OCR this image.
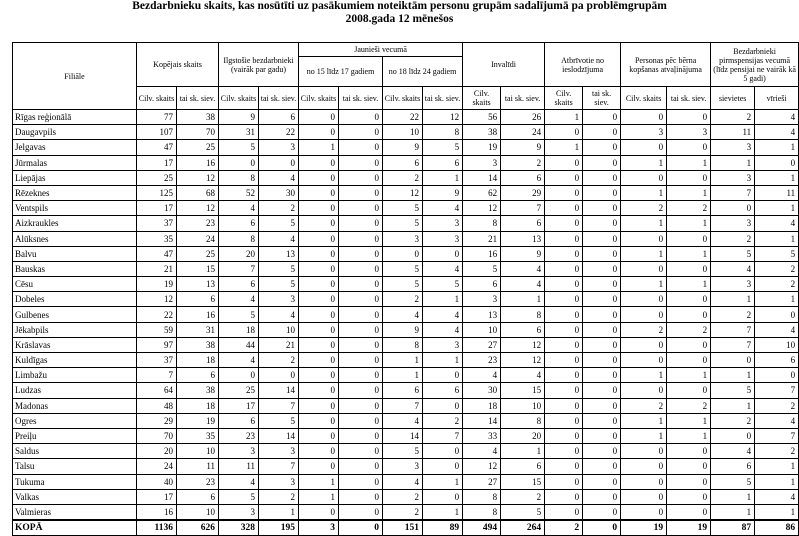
Bezdarbnieku skaits, kas nosūtīti uz pasākumiem noteiktām personu grupām sadalījumā pa problēmgrupām
2008.gada 12 mēnešos
Filiāle	Kopējais skaits		Ilgstošie bezdarbnieki (vairāk par gadu)		Jaunieši vecumā				Invalīdi		Atbrīvotie no ieslodzījuma		Personas pēc bērna kopšanas atvaļinājuma		Bezdarbnieki pirmspensijas vecumā (līdz pensijai ne vairāk kā 5 gadi)	
					no 15 līdz 17 gadiem		no 18 līdz 24 gadiem									
	Cilv. skaits	tai sk. siev.	Cilv. skaits	tai sk. siev.	Cilv. skaits	tai sk. siev.	Cilv. skaits	tai sk. siev.	Cilv. skaits	tai sk. siev.	Cilv. skaits	tai sk. siev.	Cilv. skaits	tai sk. siev.	sievietes	vīrieši
Rīgas reģionālā	77	38	9	6	0	0	22	12	56	26	1	0	0	0	2	4
Daugavpils	107	70	31	22	0	0	10	8	38	24	0	0	3	3	11	4
Jelgavas	47	25	5	3	1	0	9	5	19	9	1	0	0	0	3	1
Jūrmalas	17	16	0	0	0	0	6	6	3	2	0	0	1	1	1	0
Liepājas	25	12	8	4	0	0	2	1	14	6	0	0	0	0	3	1
Rēzeknes	125	68	52	30	0	0	12	9	62	29	0	0	1	1	7	11
Ventspils	17	12	4	2	0	0	5	4	12	7	0	0	2	2	0	1
Aizkraukles	37	23	6	5	0	0	5	3	8	6	0	0	1	1	3	4
Alūksnes	35	24	8	4	0	0	3	3	21	13	0	0	0	0	2	1
Balvu	47	25	20	13	0	0	0	0	16	9	0	0	1	1	5	5
Bauskas	21	15	7	5	0	0	5	4	5	4	0	0	0	0	4	2
Cēsu	19	13	6	5	0	0	5	5	6	4	0	0	1	1	3	2
Dobeles	12	6	4	3	0	0	2	1	3	1	0	0	0	0	1	1
Gulbenes	22	16	5	4	0	0	4	4	13	8	0	0	0	0	2	0
Jēkabpils	59	31	18	10	0	0	9	4	10	6	0	0	2	2	7	4
Krāslavas	97	38	44	21	0	0	8	3	27	12	0	0	0	0	7	10
Kuldīgas	37	18	4	2	0	0	1	1	23	12	0	0	0	0	0	6
Limbažu	7	6	0	0	0	0	1	0	4	4	0	0	1	1	1	0
Ludzas	64	38	25	14	0	0	6	6	30	15	0	0	0	0	5	7
Madonas	48	18	17	7	0	0	7	0	18	10	0	0	2	2	1	2
Ogres	29	19	6	5	0	0	4	2	14	8	0	0	1	1	2	4
Preiļu	70	35	23	14	0	0	14	7	33	20	0	0	1	1	0	7
Saldus	20	10	3	3	0	0	5	0	4	1	0	0	0	0	4	2
Talsu	24	11	11	7	0	0	3	0	12	6	0	0	0	0	6	1
Tukuma	40	23	4	3	1	0	4	1	27	15	0	0	0	0	5	1
Valkas	17	6	5	2	1	0	2	0	8	2	0	0	0	0	1	4
Valmieras	16	10	3	1	0	0	2	1	8	5	0	0	0	0	1	1
KOPĀ	1136	626	328	195	3	0	151	89	494	264	2	0	19	19	87	86
